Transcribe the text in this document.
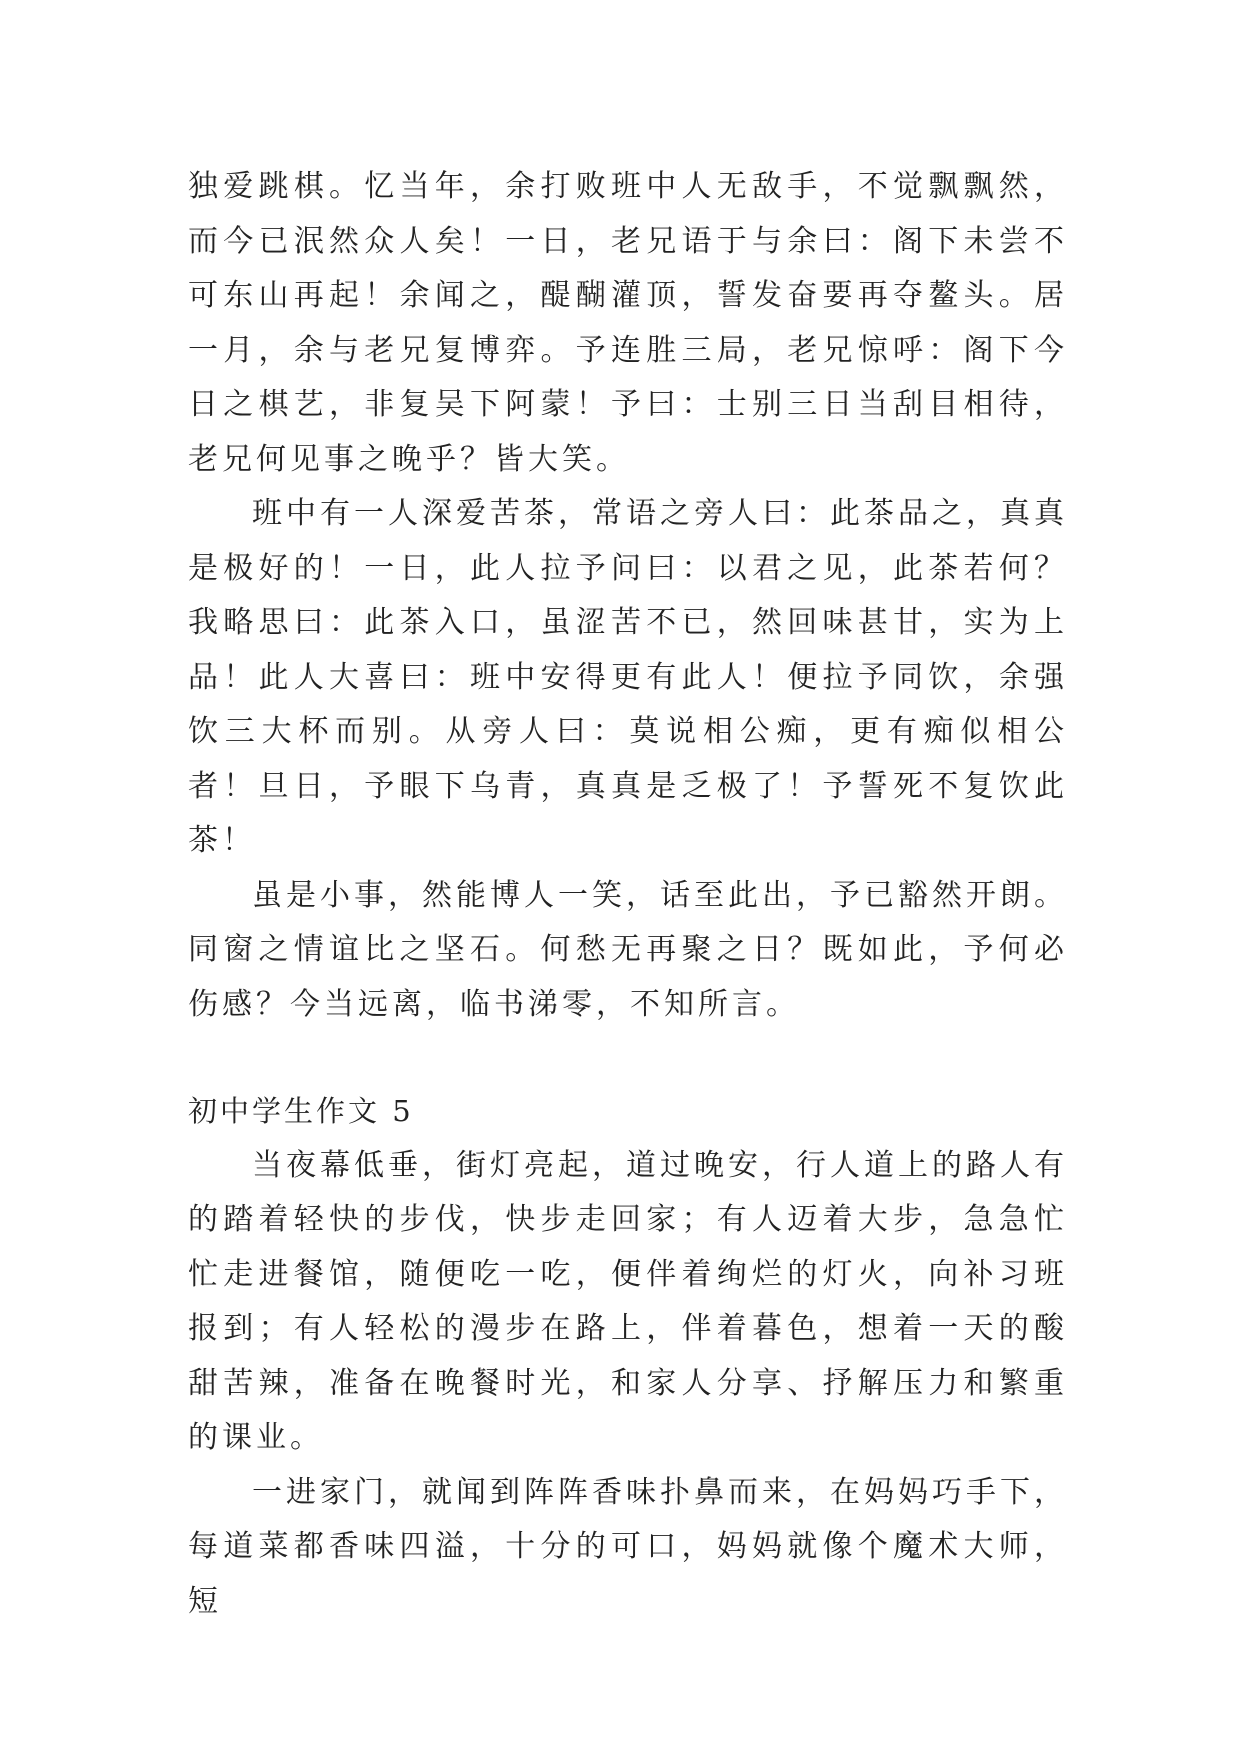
独爱跳棋。忆当年，余打败班中人无敌手，不觉飘飘然，而今已泯然众人矣！一日，老兄语于与余曰：阁下未尝不可东山再起！余闻之，醍醐灌顶，誓发奋要再夺鳌头。居一月，余与老兄复博弈。予连胜三局，老兄惊呼：阁下今日之棋艺，非复吴下阿蒙！予曰：士别三日当刮目相待，老兄何见事之晚乎？皆大笑。

班中有一人深爱苦茶，常语之旁人曰：此茶品之，真真是极好的！一日，此人拉予问曰：以君之见，此茶若何？我略思曰：此茶入口，虽涩苦不已，然回味甚甘，实为上品！此人大喜曰：班中安得更有此人！便拉予同饮，余强饮三大杯而别。从旁人曰：莫说相公痴，更有痴似相公者！旦日，予眼下乌青，真真是乏极了！予誓死不复饮此茶！

虽是小事，然能博人一笑，话至此出，予已豁然开朗。同窗之情谊比之坚石。何愁无再聚之日？既如此，予何必伤感？今当远离，临书涕零，不知所言。

初中学生作文 5

当夜幕低垂，街灯亮起，道过晚安，行人道上的路人有的踏着轻快的步伐，快步走回家；有人迈着大步，急急忙忙走进餐馆，随便吃一吃，便伴着绚烂的灯火，向补习班报到；有人轻松的漫步在路上，伴着暮色，想着一天的酸甜苦辣，准备在晚餐时光，和家人分享、抒解压力和繁重的课业。

一进家门，就闻到阵阵香味扑鼻而来，在妈妈巧手下，每道菜都香味四溢，十分的可口，妈妈就像个魔术大师，短
